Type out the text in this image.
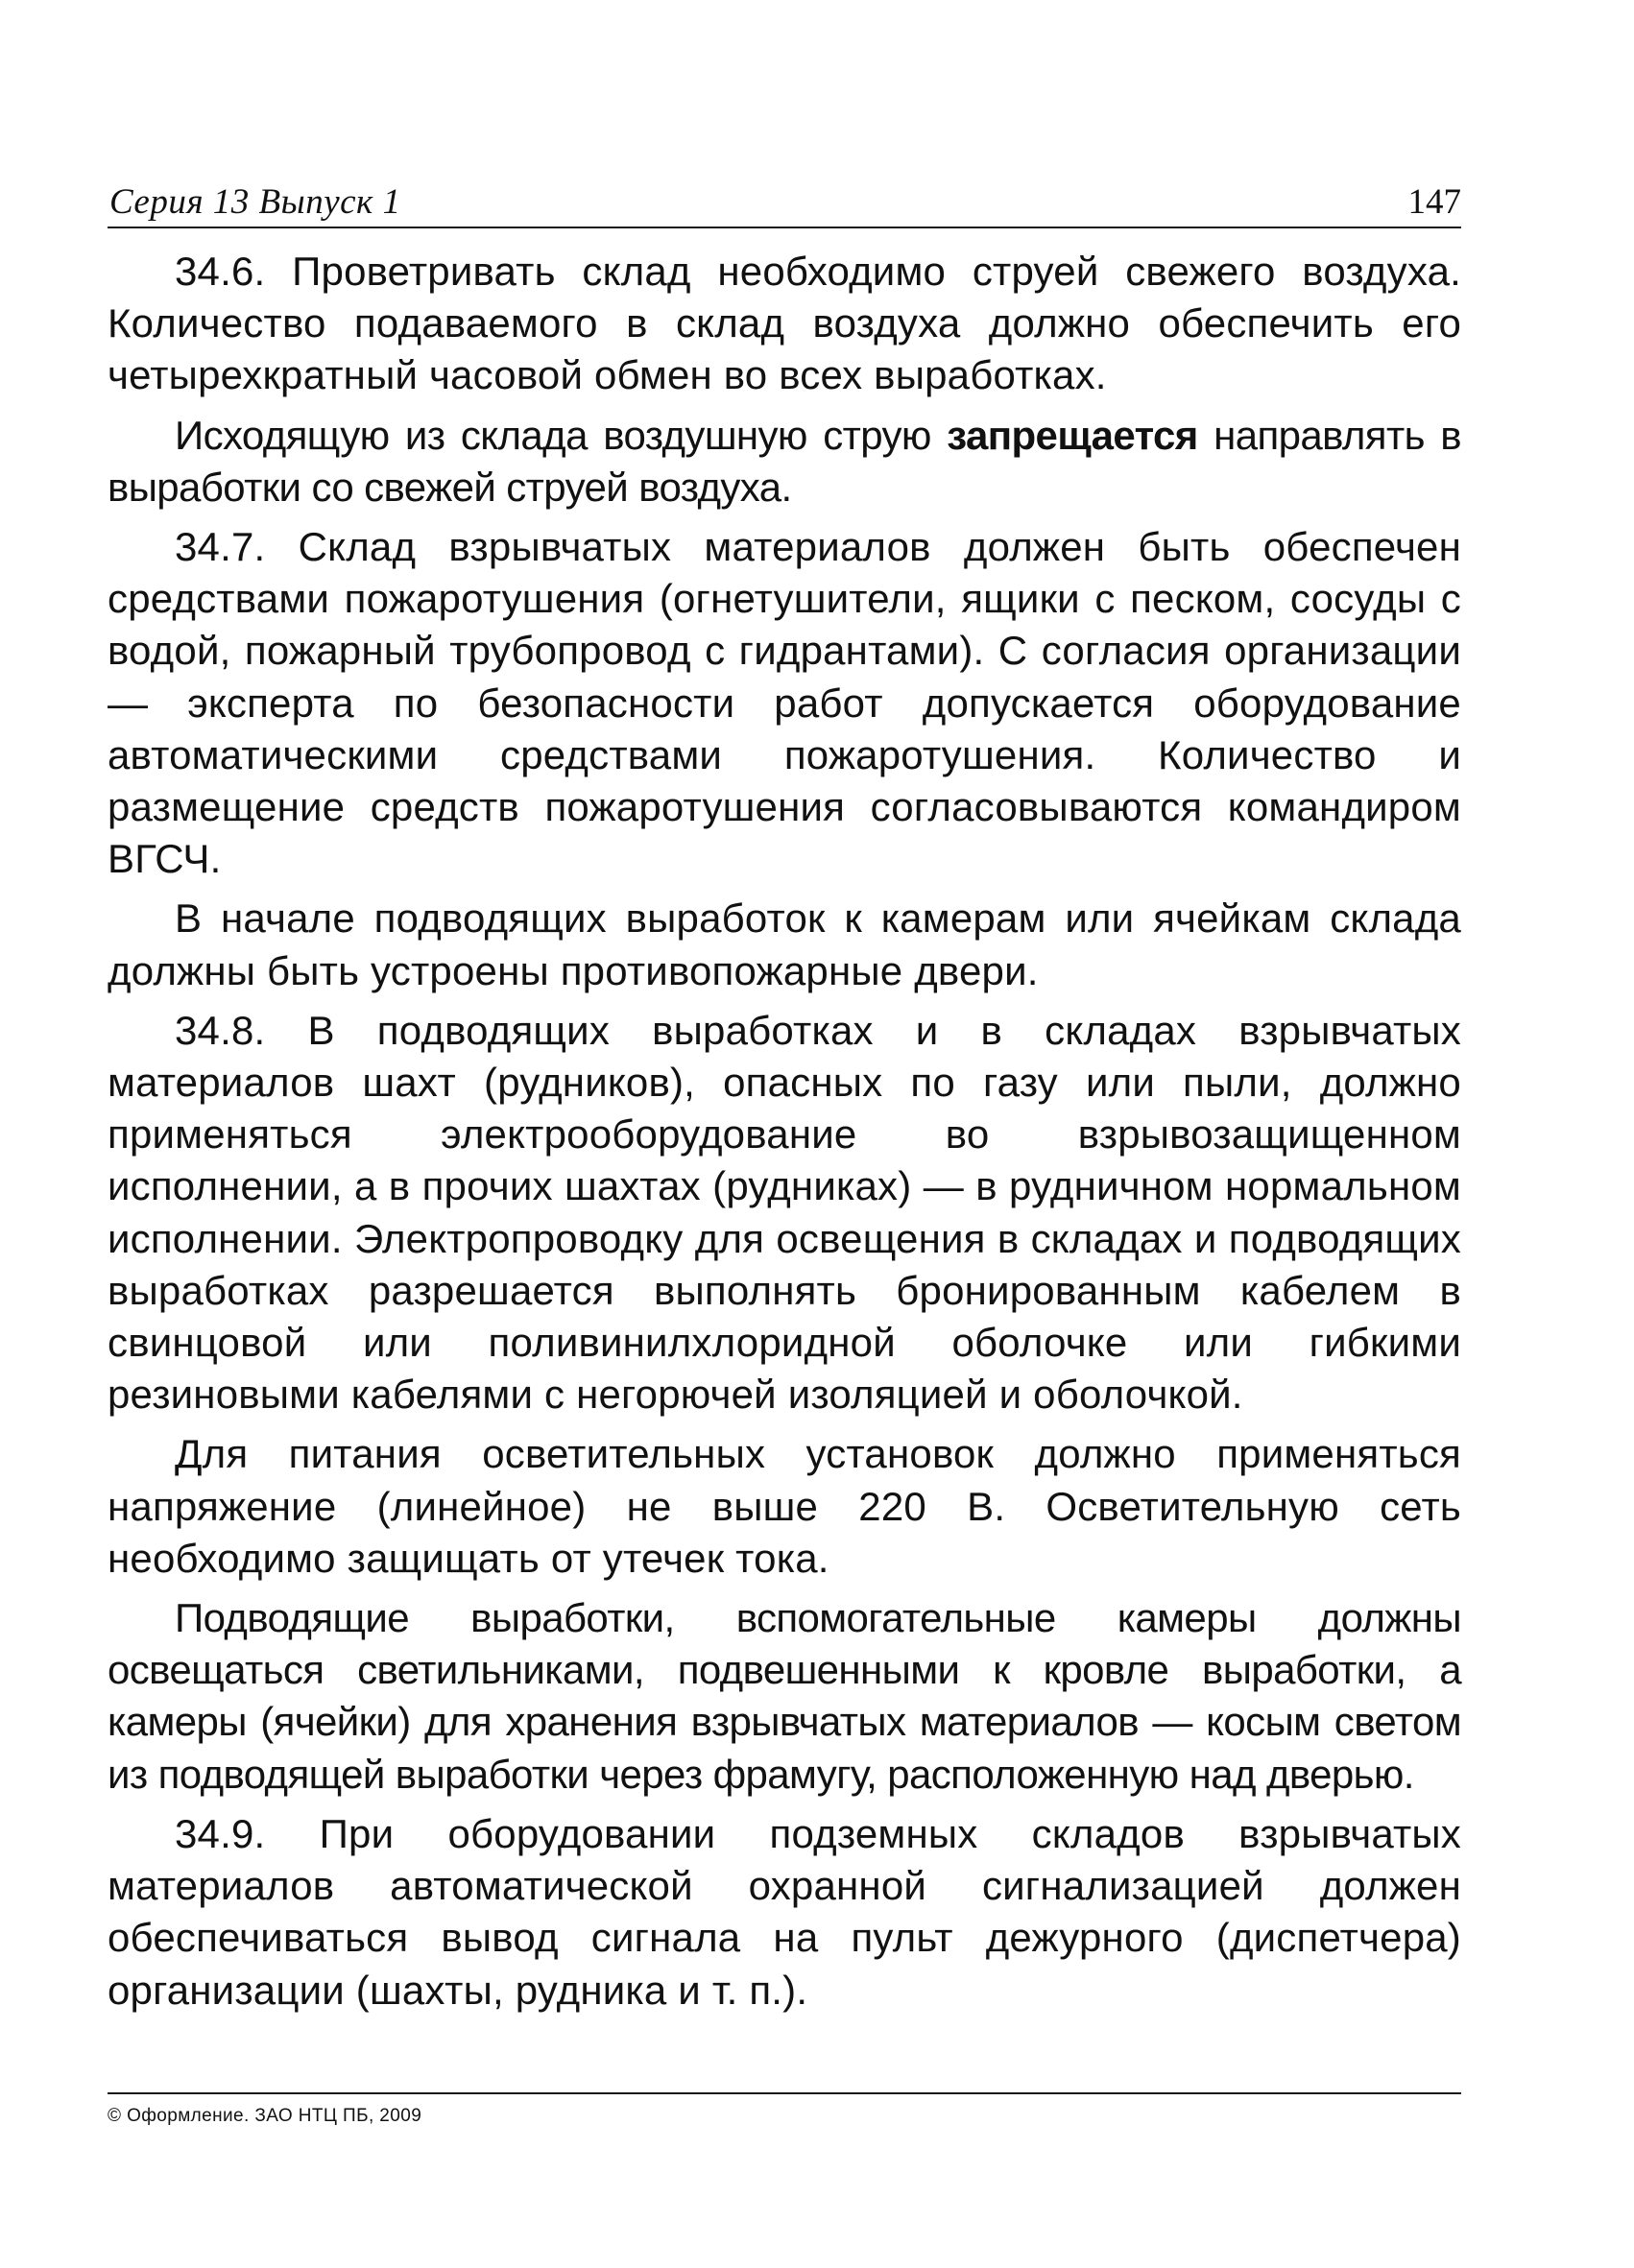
Серия 13 Выпуск 1	147

34.6. Проветривать склад необходимо струей свежего воздуха. Количество подаваемого в склад воздуха должно обеспечить его четырехкратный часовой обмен во всех выработках.

Исходящую из склада воздушную струю запрещается направлять в выработки со свежей струей воздуха.

34.7. Склад взрывчатых материалов должен быть обеспечен средствами пожаротушения (огнетушители, ящики с песком, сосуды с водой, пожарный трубопровод с гидрантами). С согласия организации — эксперта по безопасности работ допускается оборудование автоматическими средствами пожаротушения. Количество и размещение средств пожаротушения согласовываются командиром ВГСЧ.

В начале подводящих выработок к камерам или ячейкам склада должны быть устроены противопожарные двери.

34.8. В подводящих выработках и в складах взрывчатых материалов шахт (рудников), опасных по газу или пыли, должно применяться электрооборудование во взрывозащищенном исполнении, а в прочих шахтах (рудниках) — в рудничном нормальном исполнении. Электропроводку для освещения в складах и подводящих выработках разрешается выполнять бронированным кабелем в свинцовой или поливинилхлоридной оболочке или гибкими резиновыми кабелями с негорючей изоляцией и оболочкой.

Для питания осветительных установок должно применяться напряжение (линейное) не выше 220 В. Осветительную сеть необходимо защищать от утечек тока.

Подводящие выработки, вспомогательные камеры должны освещаться светильниками, подвешенными к кровле выработки, а камеры (ячейки) для хранения взрывчатых материалов — косым светом из подводящей выработки через фрамугу, расположенную над дверью.

34.9. При оборудовании подземных складов взрывчатых материалов автоматической охранной сигнализацией должен обеспечиваться вывод сигнала на пульт дежурного (диспетчера) организации (шахты, рудника и т. п.).

© Оформление. ЗАО НТЦ ПБ, 2009
